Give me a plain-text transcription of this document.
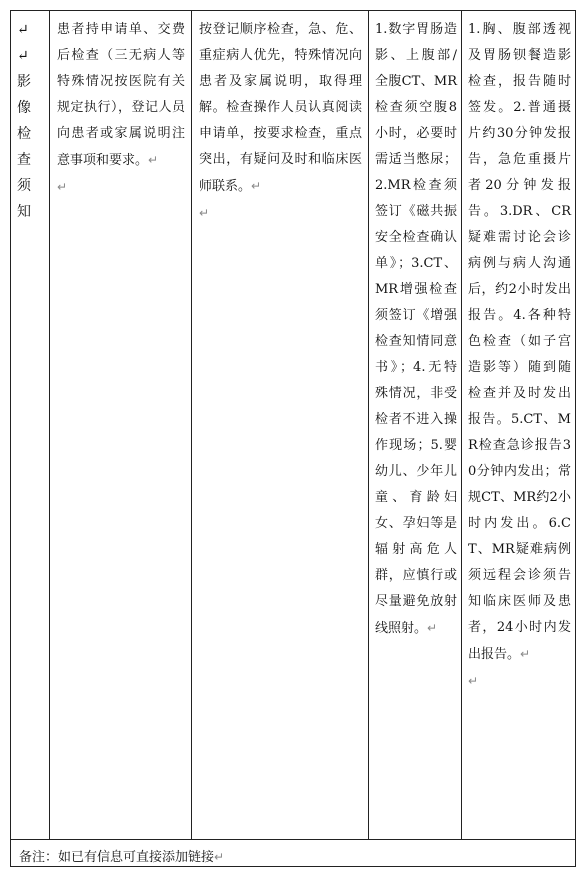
↵
↵
影
像
检
查
须
知

患者持申请单、交费后检查（三无病人等特殊情况按医院有关规定执行），登记人员向患者或家属说明注意事项和要求。↵

↵

按登记顺序检查，急、危、重症病人优先，特殊情况向患者及家属说明，取得理解。检查操作人员认真阅读申请单，按要求检查，重点突出，有疑问及时和临床医师联系。↵

↵

1.数字胃肠造影、上腹部/全腹CT、MR检查须空腹8小时，必要时需适当憋尿；2.MR检查须签订《磁共振安全检查确认单》；3.CT、MR增强检查须签订《增强检查知情同意书》；4.无特殊情况，非受检者不进入操作现场；5.婴幼儿、少年儿童、育龄妇女、孕妇等是辐射高危人群，应慎行或尽量避免放射线照射。↵

1.胸、腹部透视及胃肠钡餐造影检查，报告随时签发。2.普通摄片约30分钟发报告，急危重摄片者20分钟发报告。3.DR、CR疑难需讨论会诊病例与病人沟通后，约2小时发出报告。4.各种特色检查（如子宫造影等）随到随检查并及时发出报告。5.CT、MR检查急诊报告30分钟内发出；常规CT、MR约2小时内发出。6.CT、MR疑难病例须远程会诊须告知临床医师及患者，24小时内发出报告。↵

↵

备注：如已有信息可直接添加链接↵
